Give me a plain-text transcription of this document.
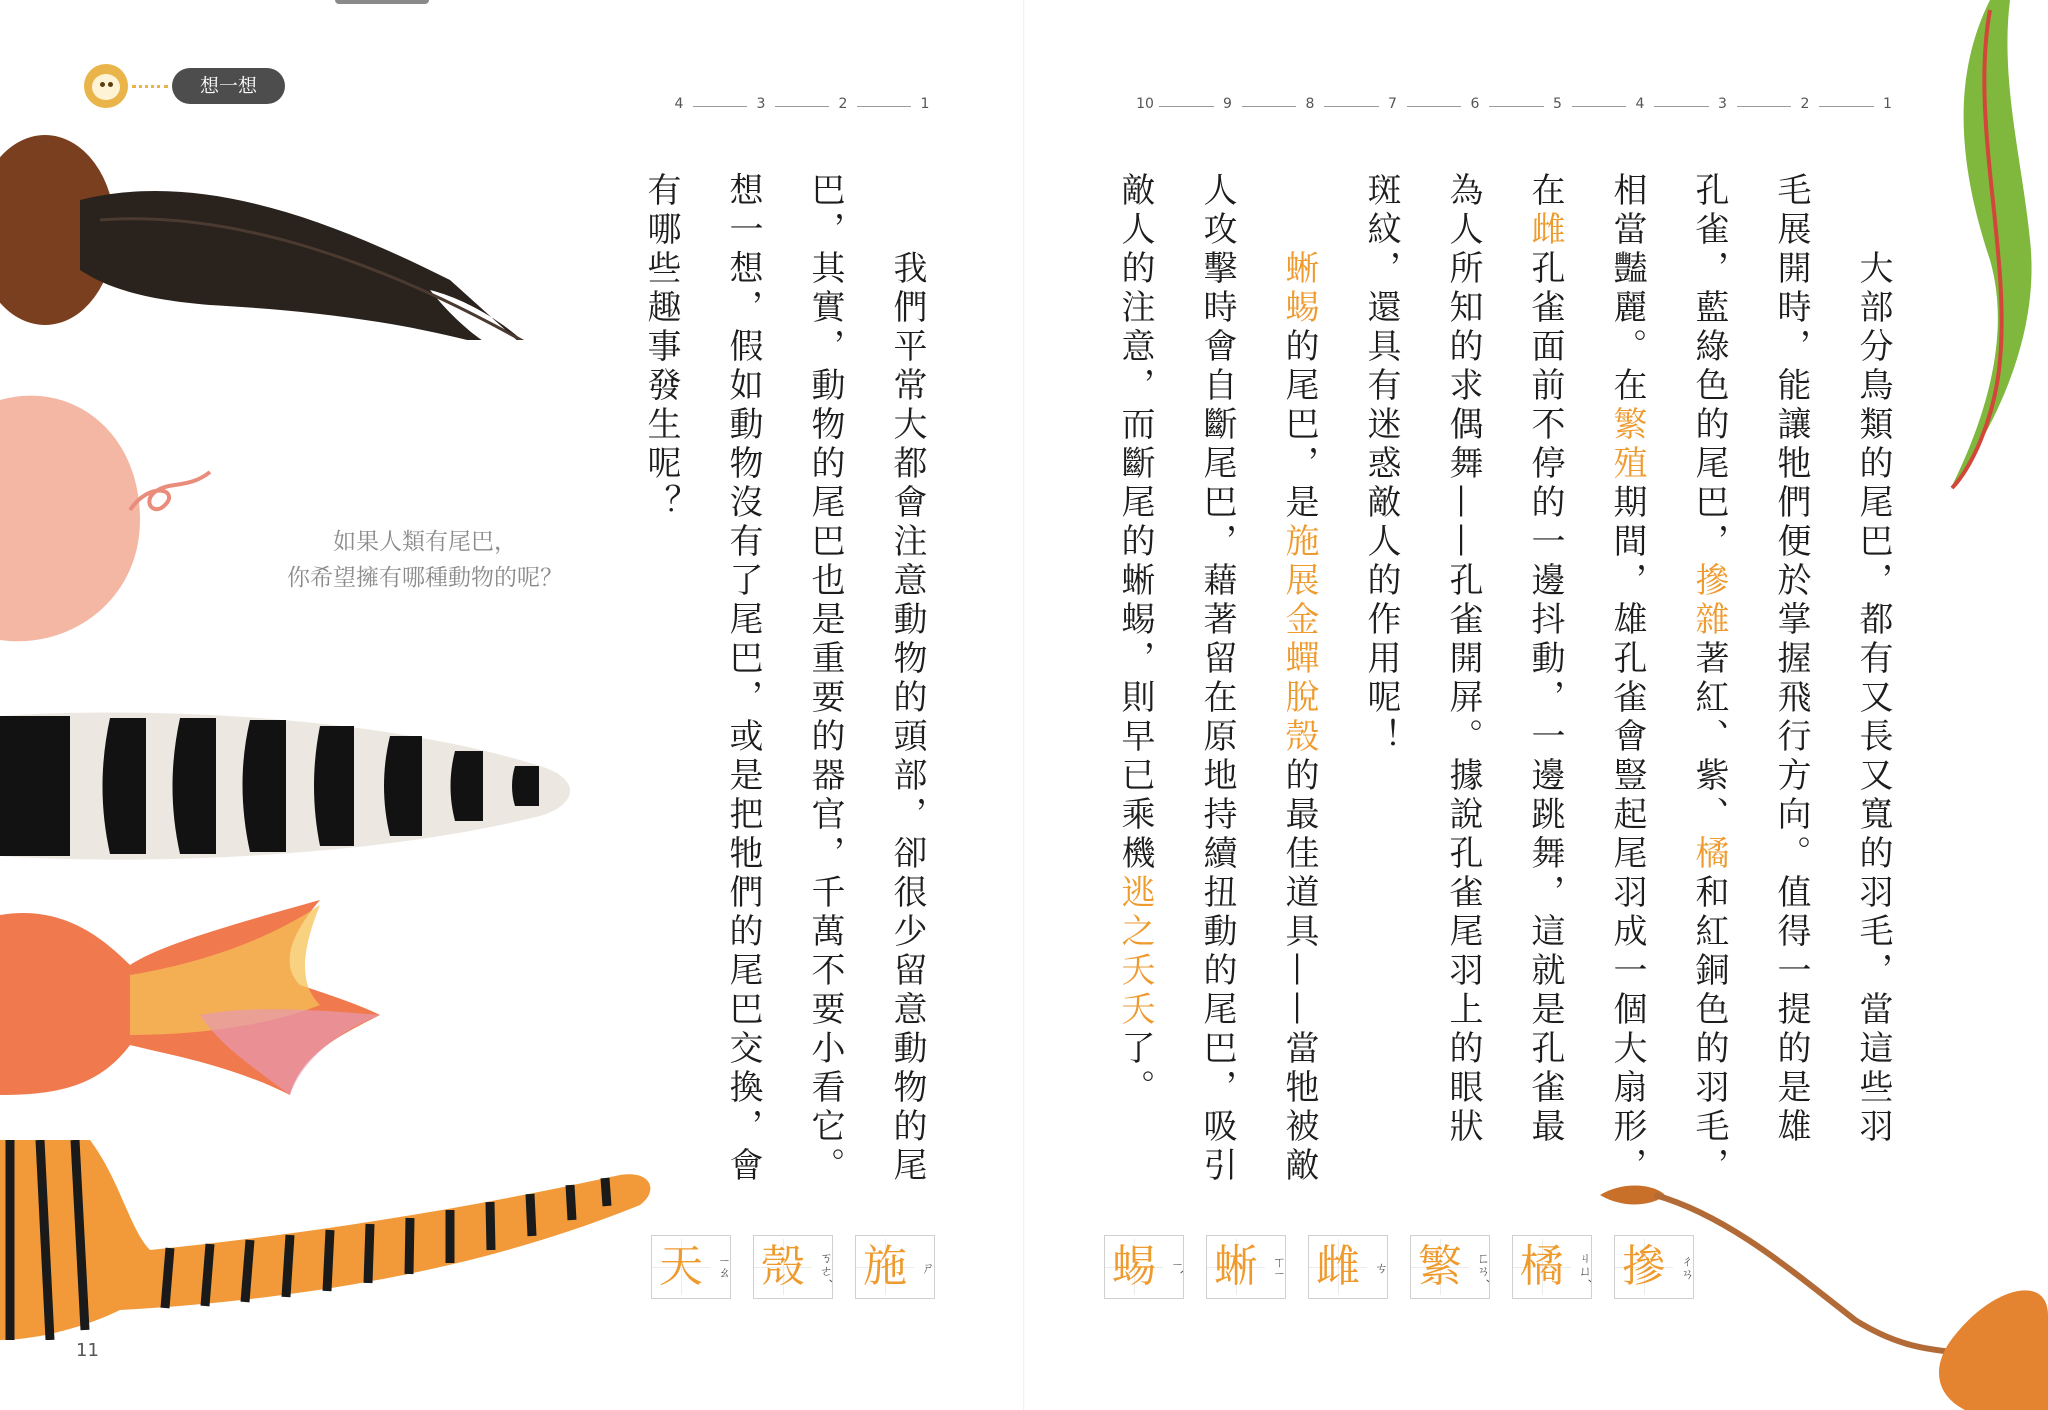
想一想
4	3	2	1	10	9	8	7	6	5	4	3	2	1
有哪些趣事發生呢？	想一想，假如動物沒有了尾巴，或是把牠們的尾巴交換，會	巴，其實，動物的尾巴也是重要的器官，千萬不要小看它。	我們平常大都會注意動物的頭部，卻很少留意動物的尾
如果人類有尾巴，
你希望擁有哪種動物的呢？
11
大部分鳥類的尾巴，都有又長又寬的羽毛，當這些羽
毛展開時，能讓牠們便於掌握飛行方向。值得一提的是雄
孔雀，藍綠色的尾巴，摻雜著紅、紫、橘和紅銅色的羽毛，
相當豔麗。在繁殖期間，雄孔雀會豎起尾羽成一個大扇形，
在雌孔雀面前不停的一邊抖動，一邊跳舞，這就是孔雀最
為人所知的求偶舞——孔雀開屏。據說孔雀尾羽上的眼狀
斑紋，還具有迷惑敵人的作用呢！
蜥蜴的尾巴，是施展金蟬脫殼的最佳道具——當牠被敵
人攻擊時會自斷尾巴，藉著留在原地持續扭動的尾巴，吸引
敵人的注意，而斷尾的蜥蜴，則早已乘機逃之夭夭了。
天 ㄧㄠ 殼 ㄎㄜˊ 施 ㄕ	蜴 ㄧˋ 蜥 ㄒㄧ 雌 ㄘ 繁 ㄈㄢˊ 橘 ㄐㄩˊ 摻 ㄔㄢ
